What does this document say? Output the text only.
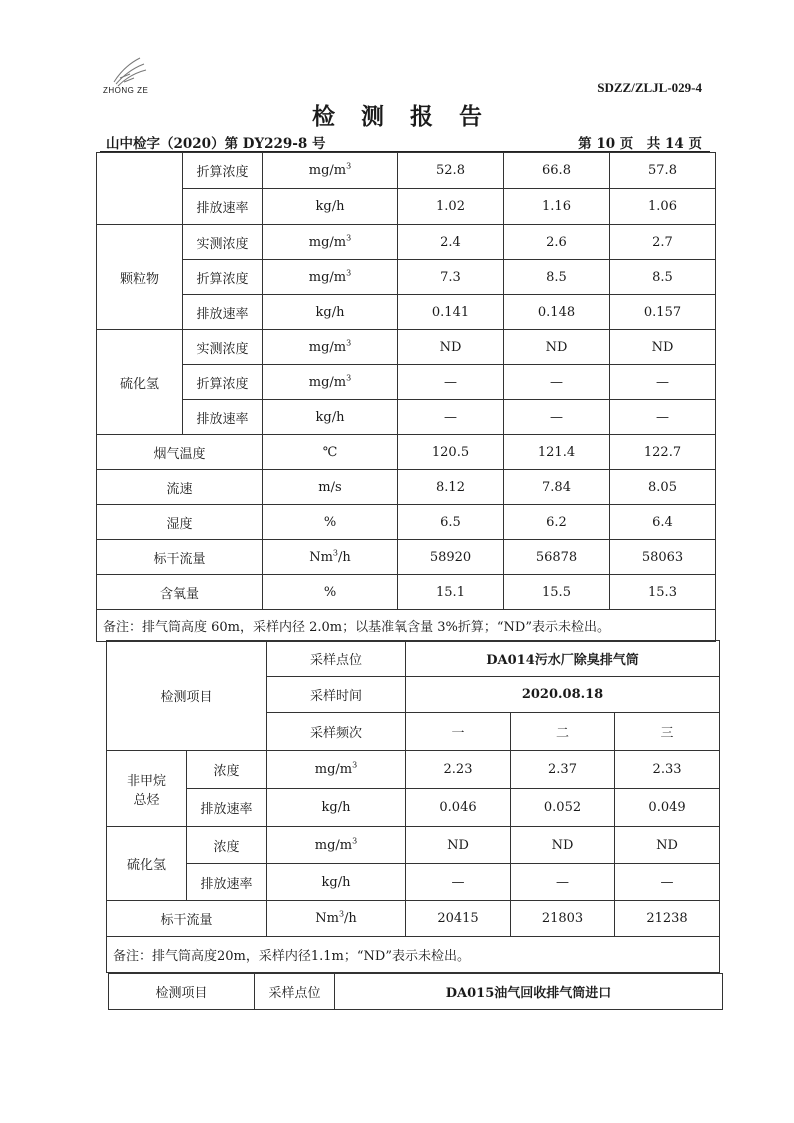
ZHONG ZE	SDZZ/ZLJL-029-4
检测报告
山中检字（2020）第 DY229-8 号	第 10 页　共 14 页
	折算浓度	$mg/m^3$	52.8	66.8	57.8
	排放速率	kg/h	1.02	1.16	1.06
颗粒物	实测浓度	$mg/m^3$	2.4	2.6	2.7
	折算浓度	$mg/m^3$	7.3	8.5	8.5
	排放速率	kg/h	0.141	0.148	0.157
硫化氢	实测浓度	$mg/m^3$	ND	ND	ND
	折算浓度	$mg/m^3$	—	—	—
	排放速率	kg/h	—	—	—
烟气温度		℃	120.5	121.4	122.7
流速		m/s	8.12	7.84	8.05
湿度		%	6.5	6.2	6.4
标干流量		Nm$^3$/h	58920	56878	58063
含氧量		%	15.1	15.5	15.3
备注：排气筒高度 60m，采样内径 2.0m；以基准氧含量 3%折算；“ND”表示未检出。					
检测项目		采样点位	DA014污水厂除臭排气筒		
		采样时间	2020.08.18		
		采样频次	一	二	三
非甲烷总烃	浓度	$mg/m^3$	2.23	2.37	2.33
	排放速率	kg/h	0.046	0.052	0.049
硫化氢	浓度	$mg/m^3$	ND	ND	ND
	排放速率	kg/h	—	—	—
标干流量		Nm$^3$/h	20415	21803	21238
备注：排气筒高度20m，采样内径1.1m；“ND”表示未检出。					
检测项目	采样点位	DA015油气回收排气筒进口
